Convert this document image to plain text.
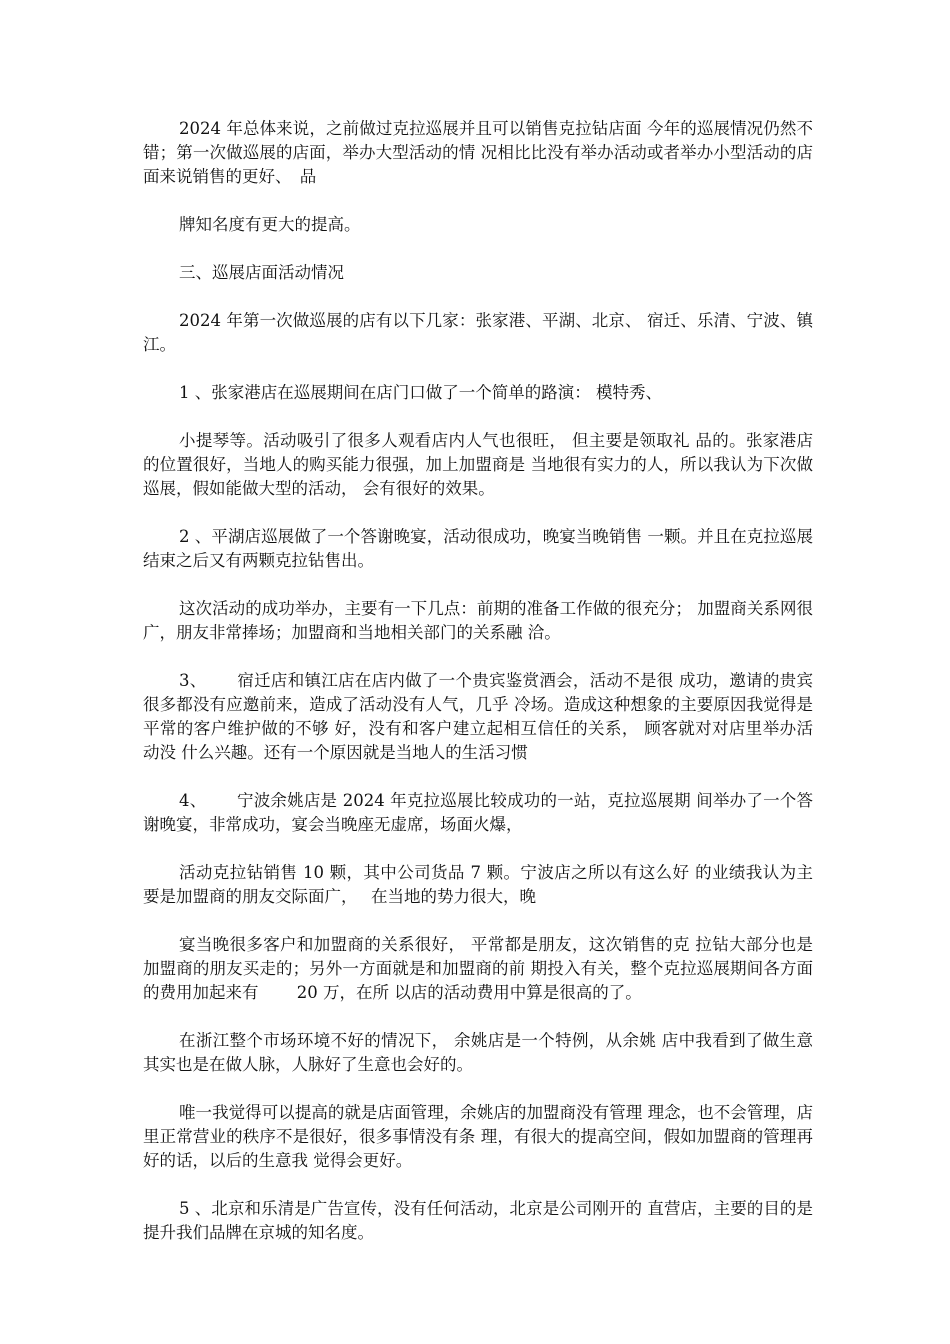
2024 年总体来说，之前做过克拉巡展并且可以销售克拉钻店面 今年的巡展情况仍然不错；第一次做巡展的店面，举办大型活动的情 况相比比没有举办活动或者举办小型活动的店面来说销售的更好、　品

牌知名度有更大的提高。

三、巡展店面活动情况

2024 年第一次做巡展的店有以下几家：张家港、平湖、北京、 宿迁、乐清、宁波、镇江。

1 、张家港店在巡展期间在店门口做了一个简单的路演： 模特秀、

小提琴等。活动吸引了很多人观看店内人气也很旺， 但主要是领取礼 品的。张家港店的位置很好，当地人的购买能力很强，加上加盟商是 当地很有实力的人，所以我认为下次做巡展，假如能做大型的活动， 会有很好的效果。

2 、平湖店巡展做了一个答谢晚宴，活动很成功，晚宴当晚销售 一颗。并且在克拉巡展结束之后又有两颗克拉钻售出。

这次活动的成功举办，主要有一下几点：前期的准备工作做的很充分； 加盟商关系网很广，朋友非常捧场；加盟商和当地相关部门的关系融 洽。

3、　　 宿迁店和镇江店在店内做了一个贵宾鉴赏酒会，活动不是很 成功，邀请的贵宾很多都没有应邀前来，造成了活动没有人气，几乎 冷场。造成这种想象的主要原因我觉得是平常的客户维护做的不够 好，没有和客户建立起相互信任的关系， 顾客就对对店里举办活动没 什么兴趣。还有一个原因就是当地人的生活习惯

4、　　 宁波余姚店是 2024 年克拉巡展比较成功的一站，克拉巡展期 间举办了一个答谢晚宴，非常成功，宴会当晚座无虚席，场面火爆，

活动克拉钻销售 10 颗，其中公司货品 7 颗。宁波店之所以有这么好 的业绩我认为主要是加盟商的朋友交际面广，　 在当地的势力很大，晚

宴当晚很多客户和加盟商的关系很好， 平常都是朋友，这次销售的克 拉钻大部分也是加盟商的朋友买走的；另外一方面就是和加盟商的前 期投入有关，整个克拉巡展期间各方面的费用加起来有　　 20 万，在所 以店的活动费用中算是很高的了。

在浙江整个市场环境不好的情况下， 余姚店是一个特例，从余姚 店中我看到了做生意其实也是在做人脉，人脉好了生意也会好的。

唯一我觉得可以提高的就是店面管理，余姚店的加盟商没有管理 理念，也不会管理，店里正常营业的秩序不是很好，很多事情没有条 理，有很大的提高空间，假如加盟商的管理再好的话，以后的生意我 觉得会更好。

5 、北京和乐清是广告宣传，没有任何活动，北京是公司刚开的 直营店，主要的目的是提升我们品牌在京城的知名度。
